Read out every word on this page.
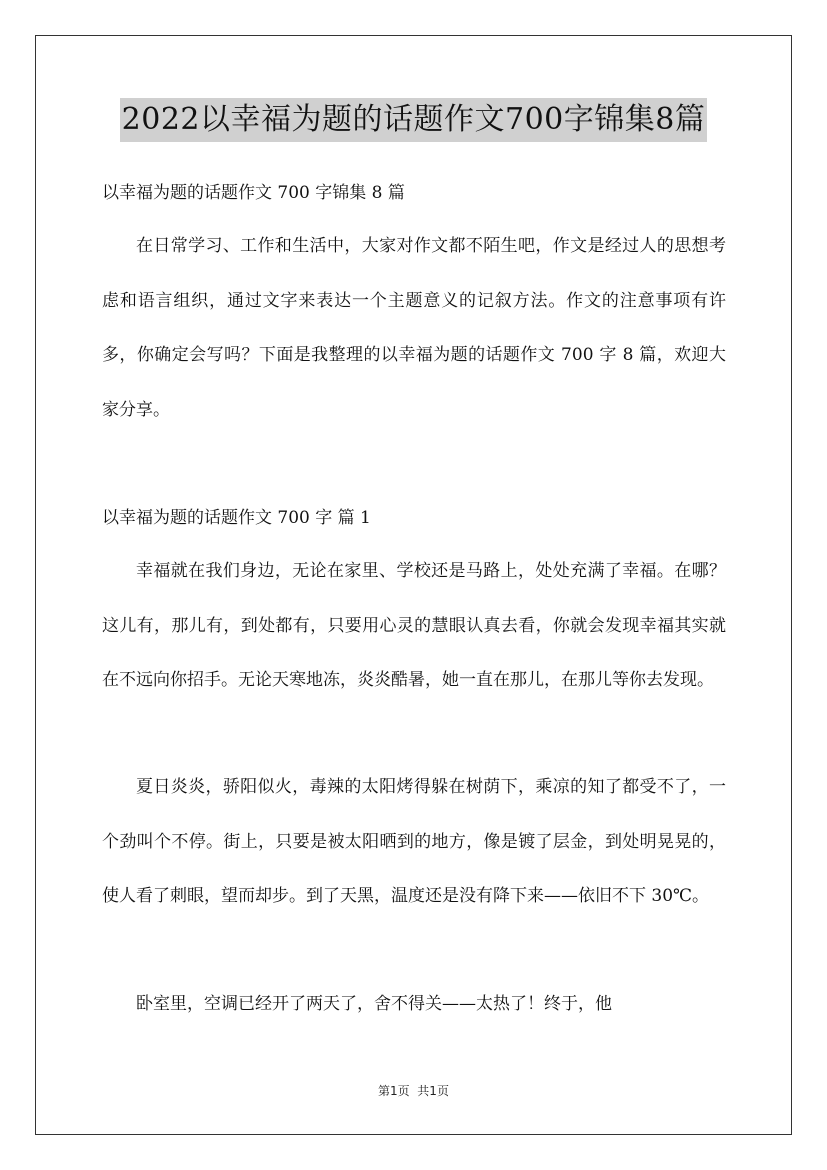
2022以幸福为题的话题作文700字锦集8篇
以幸福为题的话题作文 700 字锦集 8 篇

在日常学习、工作和生活中，大家对作文都不陌生吧，作文是经过人的思想考虑和语言组织，通过文字来表达一个主题意义的记叙方法。作文的注意事项有许多，你确定会写吗？下面是我整理的以幸福为题的话题作文 700 字 8 篇，欢迎大家分享。

以幸福为题的话题作文 700 字 篇 1

幸福就在我们身边，无论在家里、学校还是马路上，处处充满了幸福。在哪？这儿有，那儿有，到处都有，只要用心灵的慧眼认真去看，你就会发现幸福其实就在不远向你招手。无论天寒地冻，炎炎酷暑，她一直在那儿，在那儿等你去发现。

夏日炎炎，骄阳似火，毒辣的太阳烤得躲在树荫下，乘凉的知了都受不了，一个劲叫个不停。街上，只要是被太阳晒到的地方，像是镀了层金，到处明晃晃的，使人看了刺眼，望而却步。到了天黑，温度还是没有降下来——依旧不下 30℃。

卧室里，空调已经开了两天了，舍不得关——太热了！终于，他

第1页  共1页
